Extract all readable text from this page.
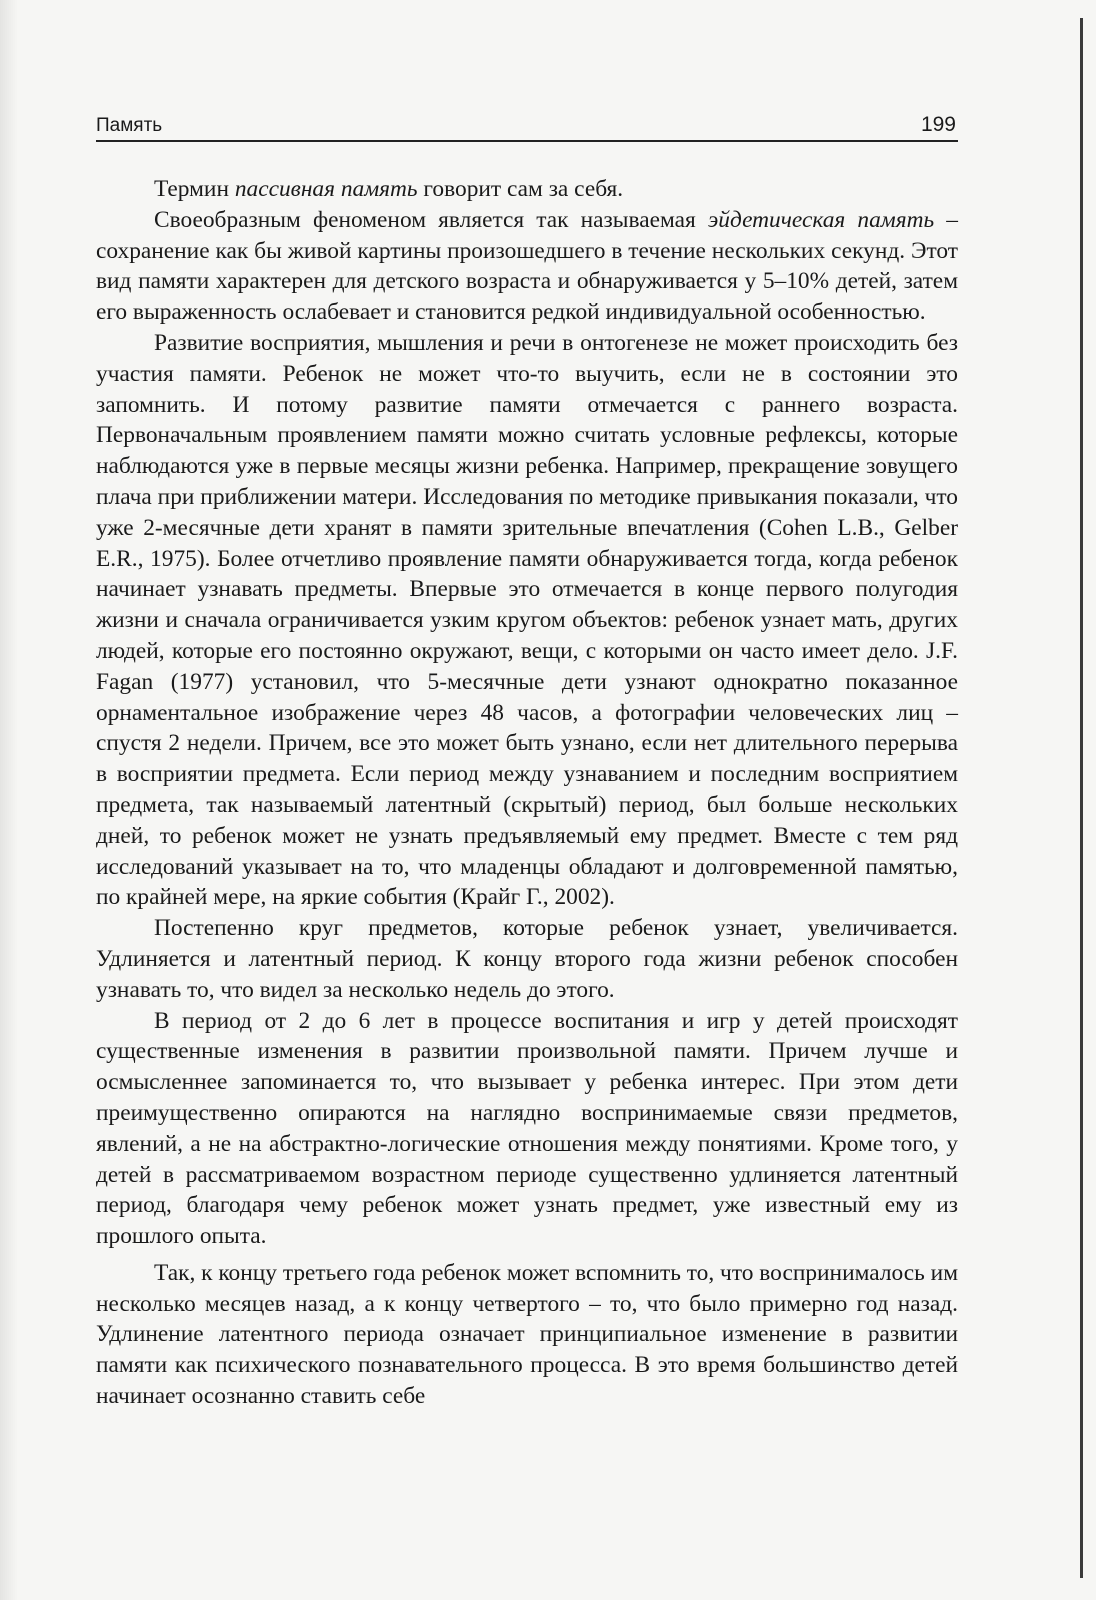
Память	199

Термин пассивная память говорит сам за себя.

Своеобразным феноменом является так называемая эйдетическая память – сохранение как бы живой картины произошедшего в течение нескольких секунд. Этот вид памяти характерен для детского возраста и обнаруживается у 5–10% детей, затем его выраженность ослабевает и становится редкой индивидуальной особенностью.

Развитие восприятия, мышления и речи в онтогенезе не может происходить без участия памяти. Ребенок не может что-то выучить, если не в состоянии это запомнить. И потому развитие памяти отмечается с раннего возраста. Первоначальным проявлением памяти можно считать условные рефлексы, которые наблюдаются уже в первые месяцы жизни ребенка. Например, прекращение зовущего плача при приближении матери. Исследования по методике привыкания показали, что уже 2-месячные дети хранят в памяти зрительные впечатления (Cohen L.B., Gelber E.R., 1975). Более отчетливо проявление памяти обнаруживается тогда, когда ребенок начинает узнавать предметы. Впервые это отмечается в конце первого полугодия жизни и сначала ограничивается узким кругом объектов: ребенок узнает мать, других людей, которые его постоянно окружают, вещи, с которыми он часто имеет дело. J.F. Fagan (1977) установил, что 5-месячные дети узнают однократно показанное орнаментальное изображение через 48 часов, а фотографии человеческих лиц – спустя 2 недели. Причем, все это может быть узнано, если нет длительного перерыва в восприятии предмета. Если период между узнаванием и последним восприятием предмета, так называемый латентный (скрытый) период, был больше нескольких дней, то ребенок может не узнать предъявляемый ему предмет. Вместе с тем ряд исследований указывает на то, что младенцы обладают и долговременной памятью, по крайней мере, на яркие события (Крайг Г., 2002).

Постепенно круг предметов, которые ребенок узнает, увеличивается. Удлиняется и латентный период. К концу второго года жизни ребенок способен узнавать то, что видел за несколько недель до этого.

В период от 2 до 6 лет в процессе воспитания и игр у детей происходят существенные изменения в развитии произвольной памяти. Причем лучше и осмысленнее запоминается то, что вызывает у ребенка интерес. При этом дети преимущественно опираются на наглядно воспринимаемые связи предметов, явлений, а не на абстрактно-логические отношения между понятиями. Кроме того, у детей в рассматриваемом возрастном периоде существенно удлиняется латентный период, благодаря чему ребенок может узнать предмет, уже известный ему из прошлого опыта.

Так, к концу третьего года ребенок может вспомнить то, что воспринималось им несколько месяцев назад, а к концу четвертого – то, что было примерно год назад. Удлинение латентного периода означает принципиальное изменение в развитии памяти как психического познавательного процесса. В это время большинство детей начинает осознанно ставить себе
